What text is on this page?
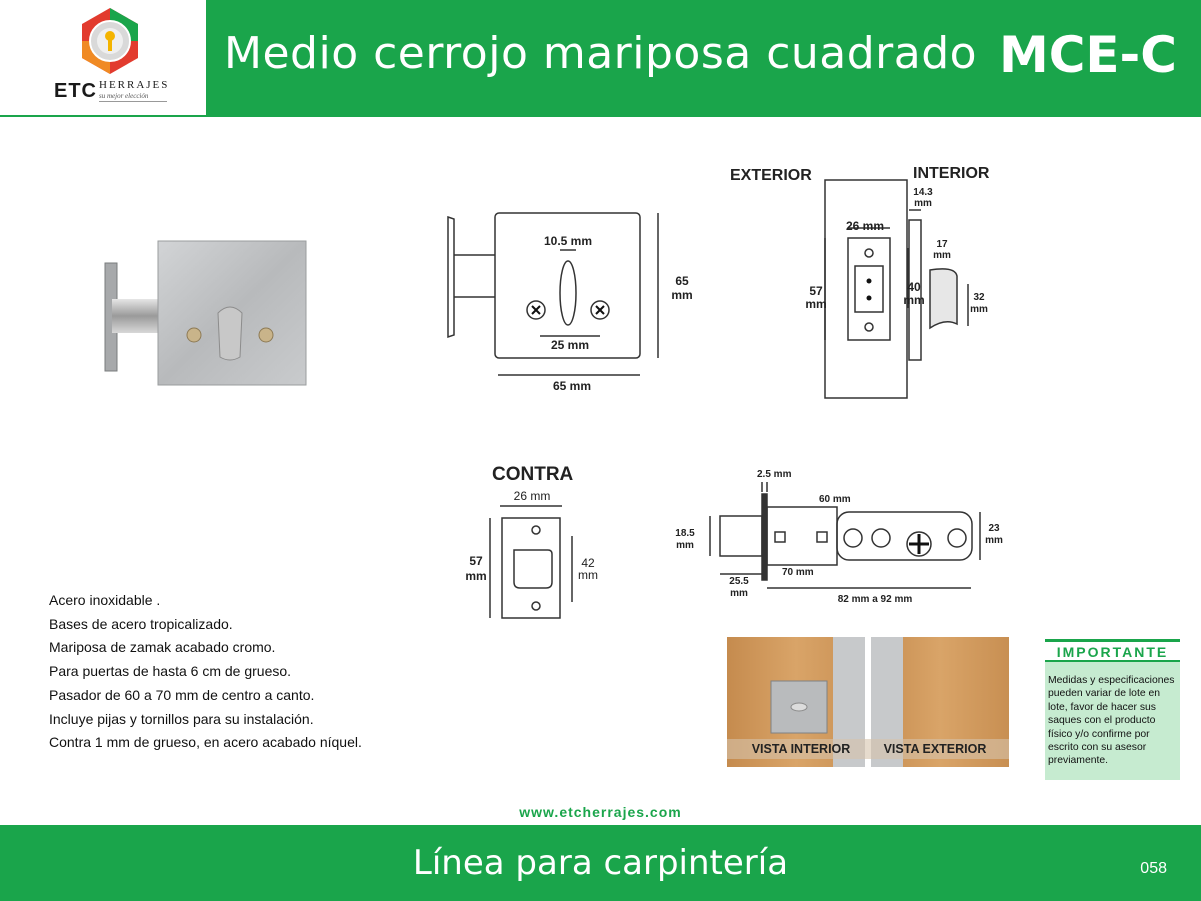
ETC HERRAJES
su mejor elección
Medio cerrojo mariposa cuadrado MCE-C
10.5 mm
25 mm
65 mm
65
mm
EXTERIOR	INTERIOR
14.3
mm
26 mm
17
mm
57
mm
40
mm	32
mm
CONTRA
26 mm
57
mm
42
mm
2.5 mm
60 mm
18.5
mm
70 mm
25.5
mm
82 mm a 92 mm
23
mm
Acero inoxidable .
Bases de acero tropicalizado.
Mariposa de zamak acabado cromo.
Para puertas de hasta 6 cm de grueso.
Pasador de 60 a 70 mm de centro a canto.
Incluye pijas y tornillos para su instalación.
Contra 1 mm de grueso, en acero acabado níquel.	VISTA INTERIOR	VISTA EXTERIOR
IMPORTANTE
Medidas y especificaciones pueden variar de lote en lote, favor de hacer sus saques con el producto físico y/o confirme por escrito con su asesor previamente.
www.etcherrajes.com
Línea para carpintería	058
